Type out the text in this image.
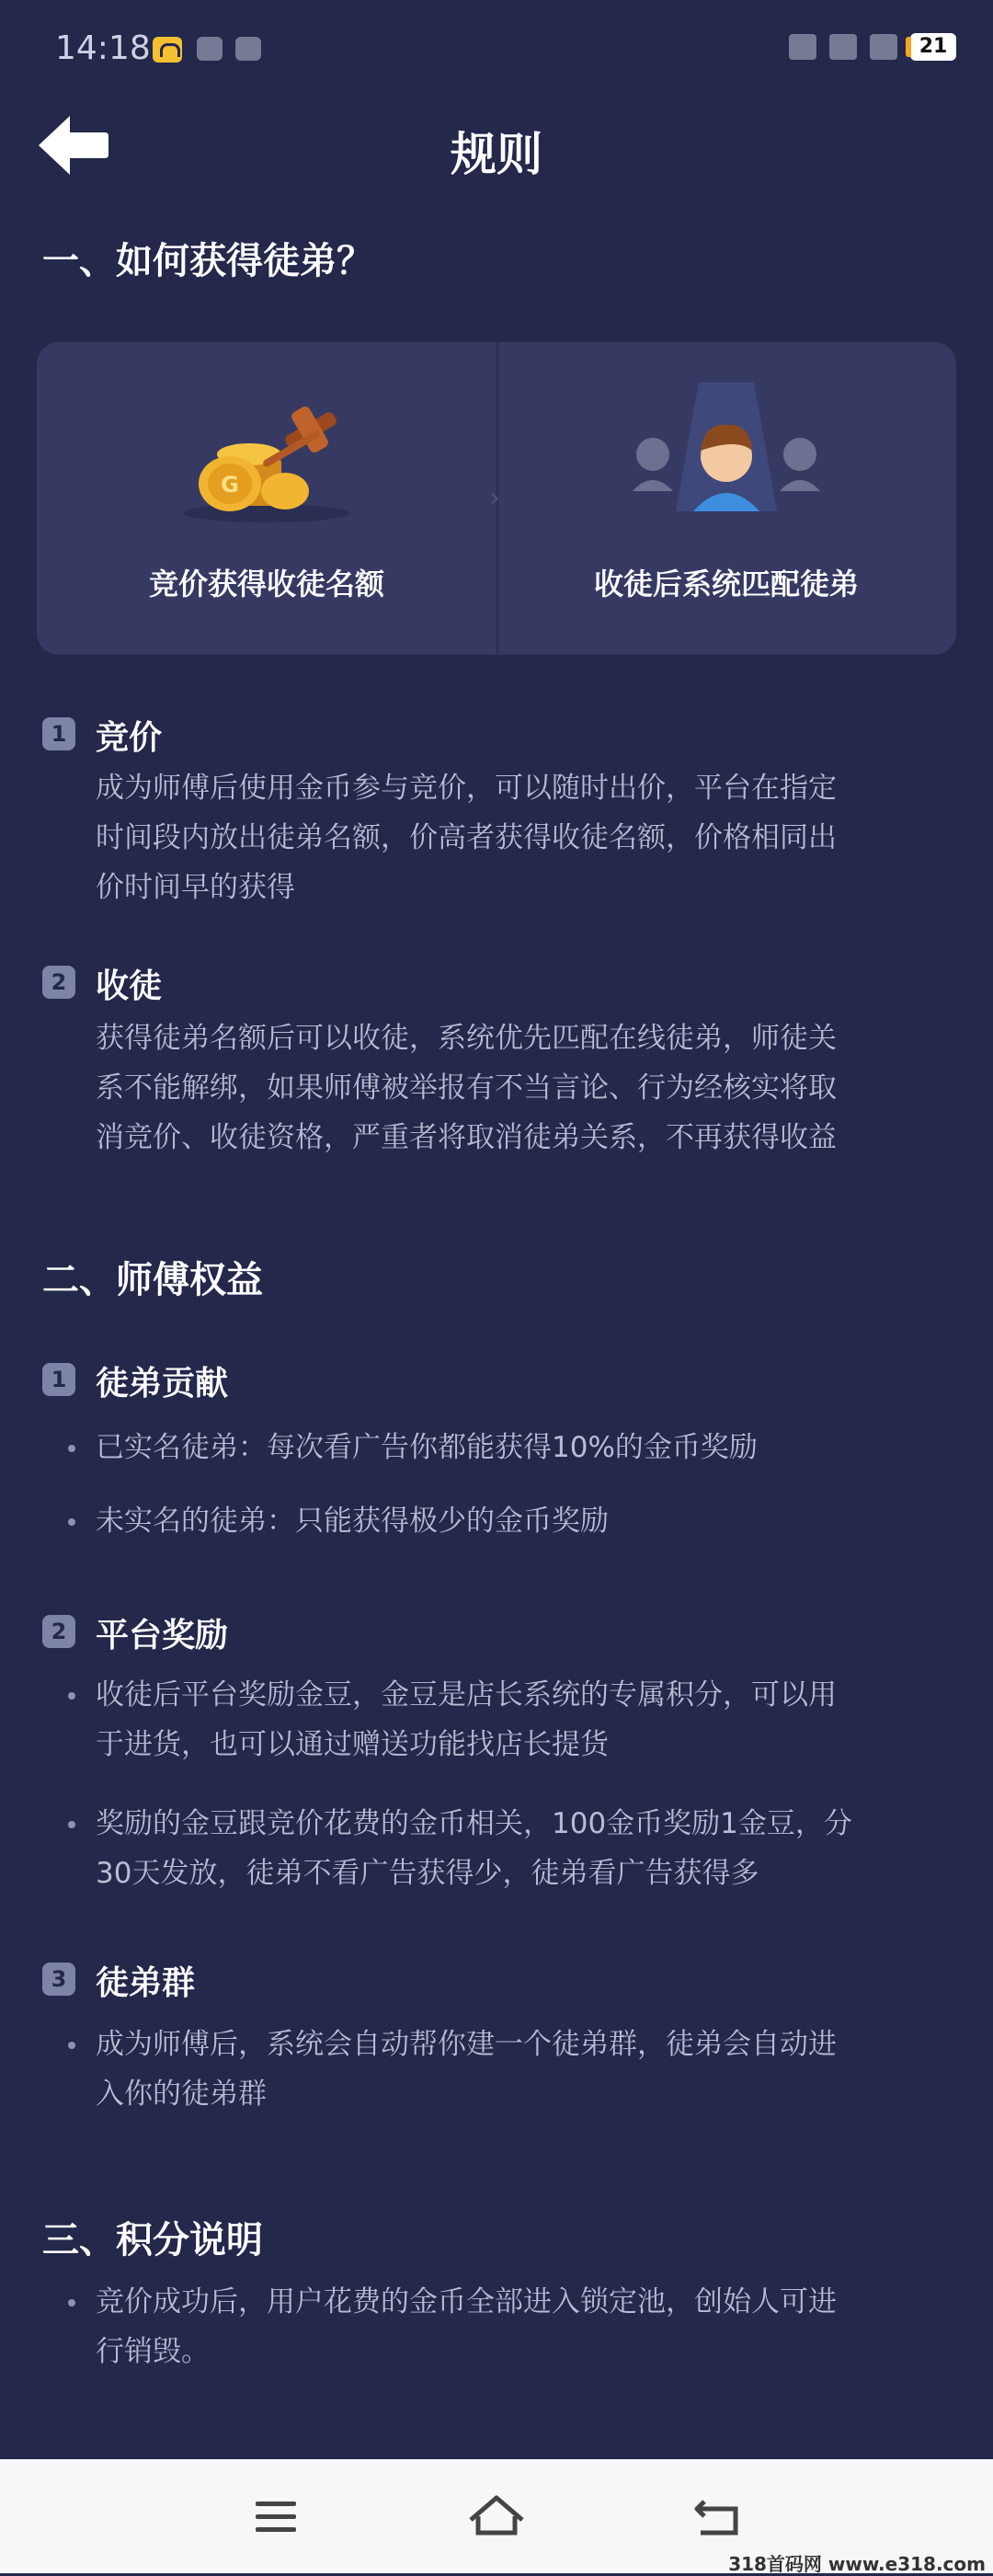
14:18	21
规则
一、如何获得徒弟？
G
竞价获得收徒名额	收徒后系统匹配徒弟
›
1 竞价
成为师傅后使用金币参与竞价，可以随时出价，平台在指定
时间段内放出徒弟名额，价高者获得收徒名额，价格相同出
价时间早的获得
2 收徒
获得徒弟名额后可以收徒，系统优先匹配在线徒弟，师徒关
系不能解绑，如果师傅被举报有不当言论、行为经核实将取
消竞价、收徒资格，严重者将取消徒弟关系，不再获得收益
二、师傅权益
1 徒弟贡献
已实名徒弟：每次看广告你都能获得10%的金币奖励
未实名的徒弟：只能获得极少的金币奖励
2 平台奖励
收徒后平台奖励金豆，金豆是店长系统的专属积分，可以用
于进货，也可以通过赠送功能找店长提货
奖励的金豆跟竞价花费的金币相关，100金币奖励1金豆，分
30天发放，徒弟不看广告获得少，徒弟看广告获得多
3 徒弟群
成为师傅后，系统会自动帮你建一个徒弟群，徒弟会自动进
入你的徒弟群
三、积分说明
竞价成功后，用户花费的金币全部进入锁定池，创始人可进
行销毁。
318首码网 www.e318.com
